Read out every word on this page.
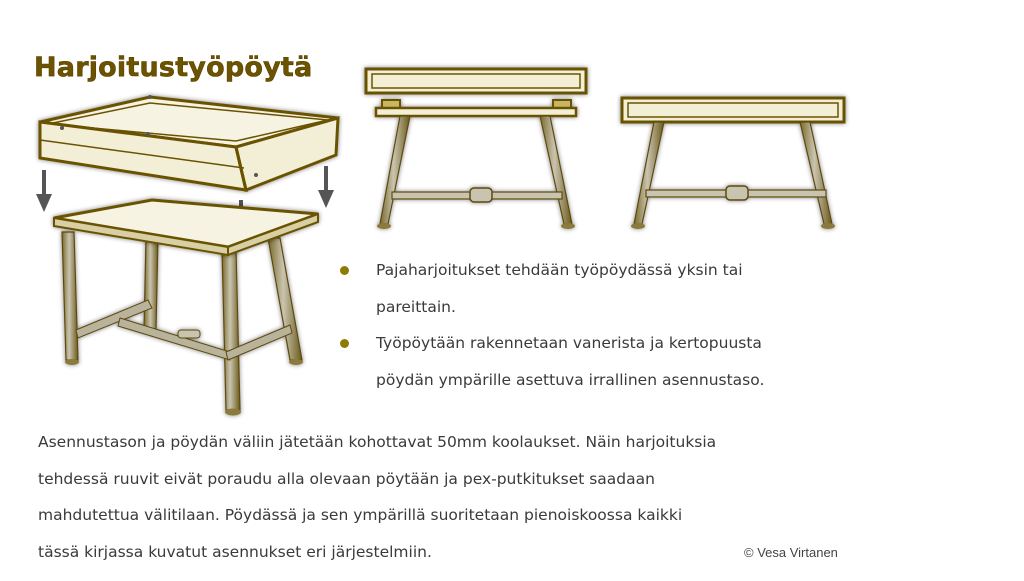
Harjoitustyöpöytä
Pajaharjoitukset tehdään työpöydässä yksin tai
pareittain.
Työpöytään rakennetaan vanerista ja kertopuusta
pöydän ympärille asettuva irrallinen asennustaso.

Asennustason ja pöydän väliin jätetään kohottavat 50mm koolaukset. Näin harjoituksia
tehdessä ruuvit eivät poraudu alla olevaan pöytään ja pex-putkitukset saadaan
mahdutettua välitilaan. Pöydässä ja sen ympärillä suoritetaan pienoiskoossa kaikki
tässä kirjassa kuvatut asennukset eri järjestelmiin.	© Vesa Virtanen
